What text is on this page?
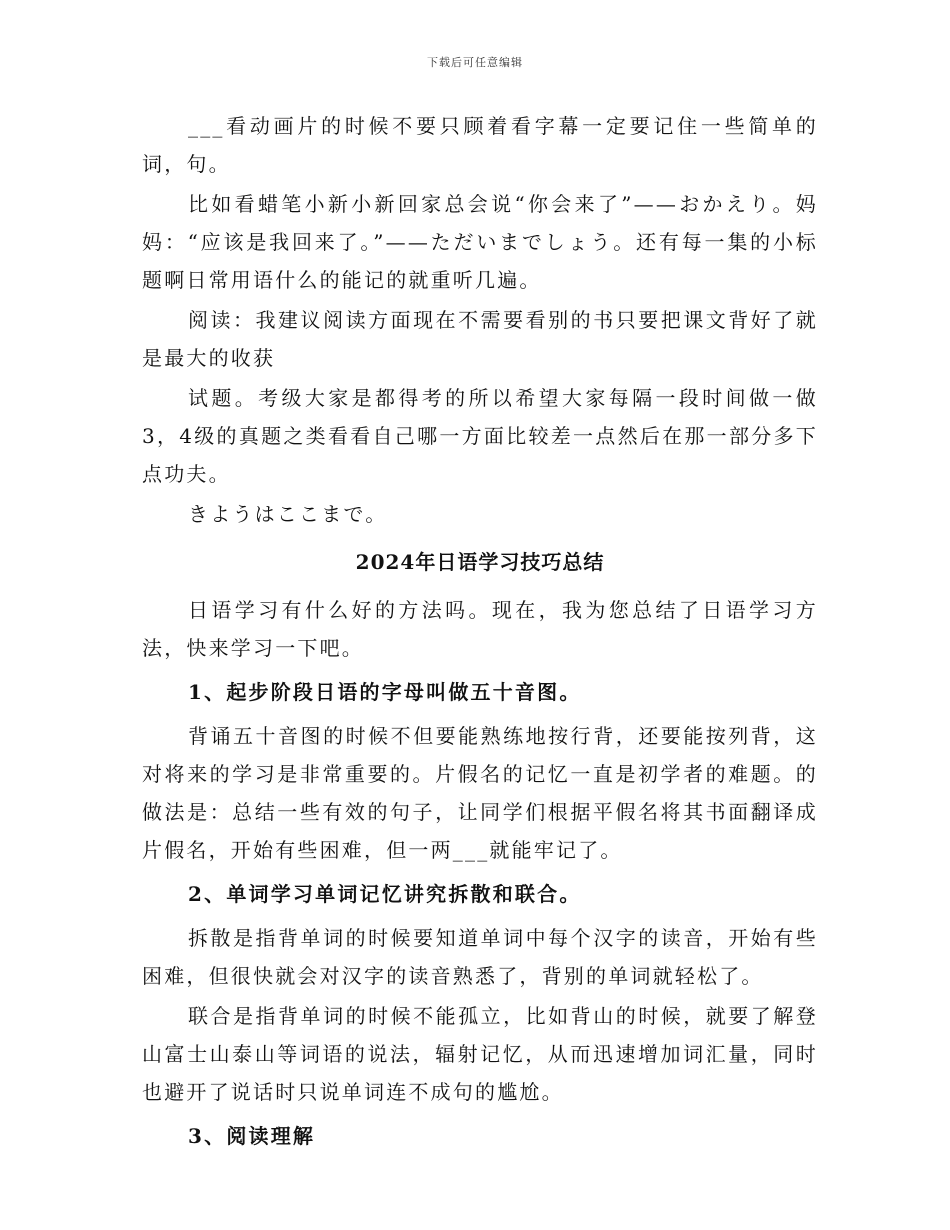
下载后可任意编辑

___看动画片的时候不要只顾着看字幕一定要记住一些简单的词，句。

比如看蜡笔小新小新回家总会说“你会来了”——おかえり。妈妈：“应该是我回来了。”——ただいまでしょう。还有每一集的小标题啊日常用语什么的能记的就重听几遍。

阅读：我建议阅读方面现在不需要看别的书只要把课文背好了就是最大的收获

试题。考级大家是都得考的所以希望大家每隔一段时间做一做3，4级的真题之类看看自己哪一方面比较差一点然后在那一部分多下点功夫。

きようはここまで。

2024年日语学习技巧总结

日语学习有什么好的方法吗。现在，我为您总结了日语学习方法，快来学习一下吧。

1、起步阶段日语的字母叫做五十音图。

背诵五十音图的时候不但要能熟练地按行背，还要能按列背，这对将来的学习是非常重要的。片假名的记忆一直是初学者的难题。的做法是：总结一些有效的句子，让同学们根据平假名将其书面翻译成片假名，开始有些困难，但一两___就能牢记了。

2、单词学习单词记忆讲究拆散和联合。

拆散是指背单词的时候要知道单词中每个汉字的读音，开始有些困难，但很快就会对汉字的读音熟悉了，背别的单词就轻松了。

联合是指背单词的时候不能孤立，比如背山的时候，就要了解登山富士山泰山等词语的说法，辐射记忆，从而迅速增加词汇量，同时也避开了说话时只说单词连不成句的尴尬。

3、阅读理解
